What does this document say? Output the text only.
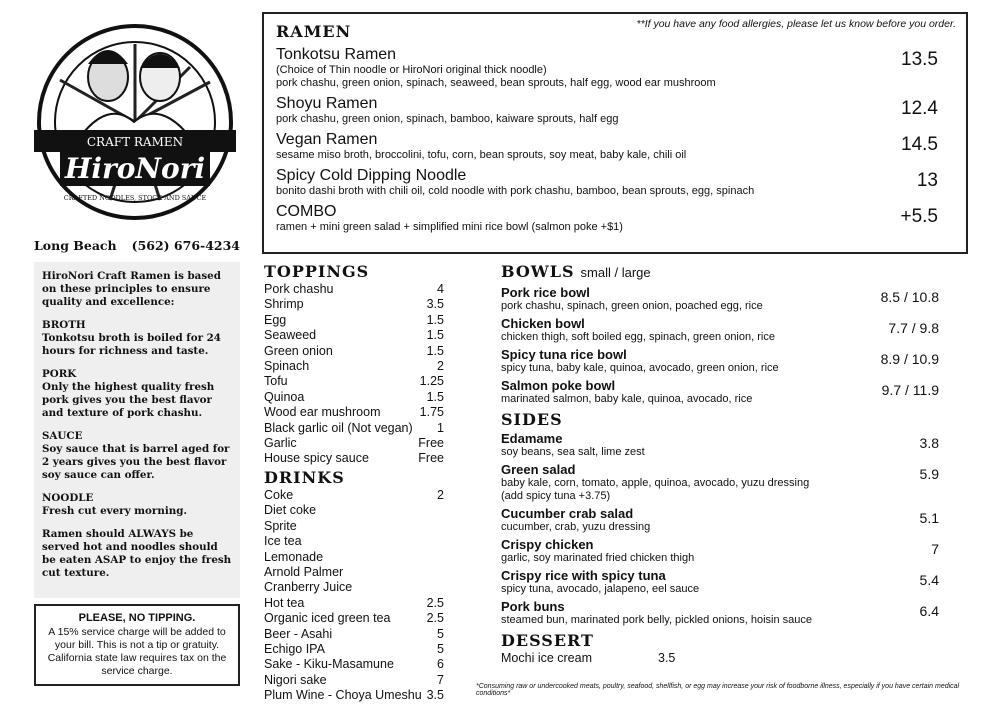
CRAFT RAMEN
HiroNori
CRAFTED NOODLES, STOCK AND SAUCE
Long Beach (562) 676-4234

HiroNori Craft Ramen is based on these principles to ensure quality and excellence:

BROTH
Tonkotsu broth is boiled for 24 hours for richness and taste.

PORK
Only the highest quality fresh pork gives you the best flavor and texture of pork chashu.

SAUCE
Soy sauce that is barrel aged for 2 years gives you the best flavor soy sauce can offer.

NOODLE
Fresh cut every morning.

Ramen should ALWAYS be served hot and noodles should be eaten ASAP to enjoy the fresh cut texture.

PLEASE, NO TIPPING.
A 15% service charge will be added to your bill. This is not a tip or gratuity. California state law requires tax on the service charge.
RAMEN	**If you have any food allergies, please let us know before you order.
Tonkotsu Ramen
(Choice of Thin noodle or HiroNori original thick noodle)
pork chashu, green onion, spinach, seaweed, bean sprouts, half egg, wood ear mushroom
13.5
Shoyu Ramen
pork chashu, green onion, spinach, bamboo, kaiware sprouts, half egg	12.4
Vegan Ramen
sesame miso broth, broccolini, tofu, corn, bean sprouts, soy meat, baby kale, chili oil	14.5
Spicy Cold Dipping Noodle
bonito dashi broth with chili oil, cold noodle with pork chashu, bamboo, bean sprouts, egg, spinach	13
COMBO
ramen + mini green salad + simplified mini rice bowl (salmon poke +$1)	+5.5
TOPPINGS
Pork chashu	4
Shrimp	3.5
Egg	1.5
Seaweed	1.5
Green onion	1.5
Spinach	2
Tofu	1.25
Quinoa	1.5
Wood ear mushroom	1.75
Black garlic oil (Not vegan) 1
Garlic	Free
House spicy sauce	Free
DRINKS
Coke	2
Diet coke
Sprite
Ice tea
Lemonade
Arnold Palmer
Cranberry Juice
Hot tea	2.5
Organic iced green tea	2.5
Beer - Asahi	5
Echigo IPA	5
Sake - Kiku-Masamune	6
Nigori sake	7
Plum Wine - Choya Umeshu 3.5
BOWLS small / large
Pork rice bowl
pork chashu, spinach, green onion, poached egg, rice
8.5 / 10.8
Chicken bowl
chicken thigh, soft boiled egg, spinach, green onion, rice
7.7 / 9.8
Spicy tuna rice bowl
spicy tuna, baby kale, quinoa, avocado, green onion, rice
8.9 / 10.9
Salmon poke bowl
marinated salmon, baby kale, quinoa, avocado, rice
9.7 / 11.9
SIDES
Edamame
soy beans, sea salt, lime zest
3.8
Green salad
baby kale, corn, tomato, apple, quinoa, avocado, yuzu dressing
(add spicy tuna +3.75)
5.9
Cucumber crab salad
cucumber, crab, yuzu dressing
5.1
Crispy chicken
garlic, soy marinated fried chicken thigh
7
Crispy rice with spicy tuna
spicy tuna, avocado, jalapeno, eel sauce
5.4
Pork buns
steamed bun, marinated pork belly, pickled onions, hoisin sauce
6.4
DESSERT
Mochi ice cream	3.5
*Consuming raw or undercooked meats, poultry, seafood, shellfish, or egg may increase your risk of foodborne illness, especially if you have certain medical conditions*
